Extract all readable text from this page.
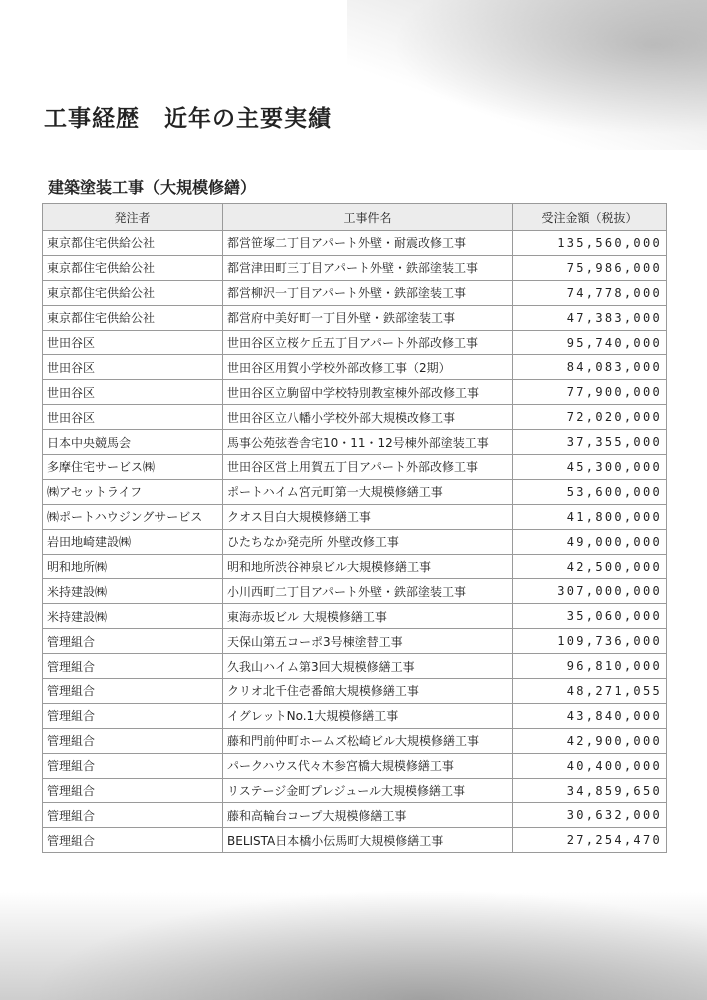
工事経歴　近年の主要実績
建築塗装工事（大規模修繕）
発注者	工事件名	受注金額（税抜）
東京都住宅供給公社	都営笹塚二丁目アパート外壁・耐震改修工事	135,560,000
東京都住宅供給公社	都営津田町三丁目アパート外壁・鉄部塗装工事	75,986,000
東京都住宅供給公社	都営柳沢一丁目アパート外壁・鉄部塗装工事	74,778,000
東京都住宅供給公社	都営府中美好町一丁目外壁・鉄部塗装工事	47,383,000
世田谷区	世田谷区立桜ケ丘五丁目アパート外部改修工事	95,740,000
世田谷区	世田谷区用賀小学校外部改修工事（2期）	84,083,000
世田谷区	世田谷区立駒留中学校特別教室棟外部改修工事	77,900,000
世田谷区	世田谷区立八幡小学校外部大規模改修工事	72,020,000
日本中央競馬会	馬事公苑弦巻舎宅10・11・12号棟外部塗装工事	37,355,000
多摩住宅サービス㈱	世田谷区営上用賀五丁目アパート外部改修工事	45,300,000
㈱アセットライフ	ポートハイム宮元町第一大規模修繕工事	53,600,000
㈱ポートハウジングサービス	クオス目白大規模修繕工事	41,800,000
岩田地崎建設㈱	ひたちなか発売所 外壁改修工事	49,000,000
明和地所㈱	明和地所渋谷神泉ビル大規模修繕工事	42,500,000
米持建設㈱	小川西町二丁目アパート外壁・鉄部塗装工事	307,000,000
米持建設㈱	東海赤坂ビル 大規模修繕工事	35,060,000
管理組合	天保山第五コーポ3号棟塗替工事	109,736,000
管理組合	久我山ハイム第3回大規模修繕工事	96,810,000
管理組合	クリオ北千住壱番館大規模修繕工事	48,271,055
管理組合	イグレットNo.1大規模修繕工事	43,840,000
管理組合	藤和門前仲町ホームズ松崎ビル大規模修繕工事	42,900,000
管理組合	パークハウス代々木参宮橋大規模修繕工事	40,400,000
管理組合	リステージ金町プレジュール大規模修繕工事	34,859,650
管理組合	藤和高輪台コープ大規模修繕工事	30,632,000
管理組合	BELISTA日本橋小伝馬町大規模修繕工事	27,254,470
